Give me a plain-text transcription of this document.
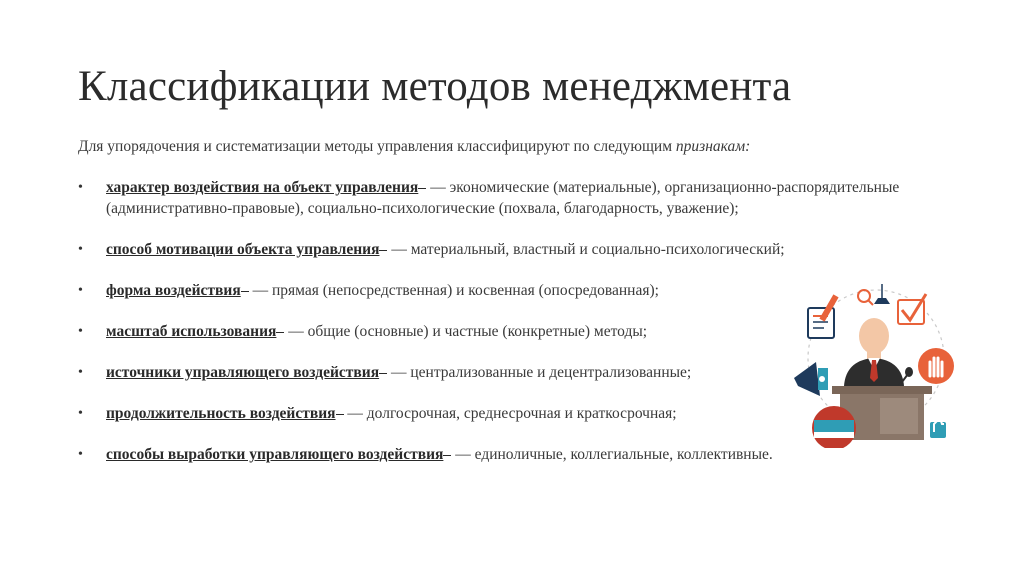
Классификации методов менеджмента
Для упорядочения и систематизации методы управления классифицируют по следующим признакам:
• характер воздействия на объект управления — экономические (материальные), организационно-распорядительные (административно-правовые), социально-психологические (похвала, благодарность, уважение);
• способ мотивации объекта управления — материальный, властный и социально-психологический;
• форма воздействия — прямая (непосредственная) и косвенная (опосредованная);
• масштаб использования — общие (основные) и частные (конкретные) методы;
• источники управляющего воздействия — централизованные и децентрализованные;
• продолжительность воздействия — долгосрочная, среднесрочная и краткосрочная;
• способы выработки управляющего воздействия — единоличные, коллегиальные, коллективные.
